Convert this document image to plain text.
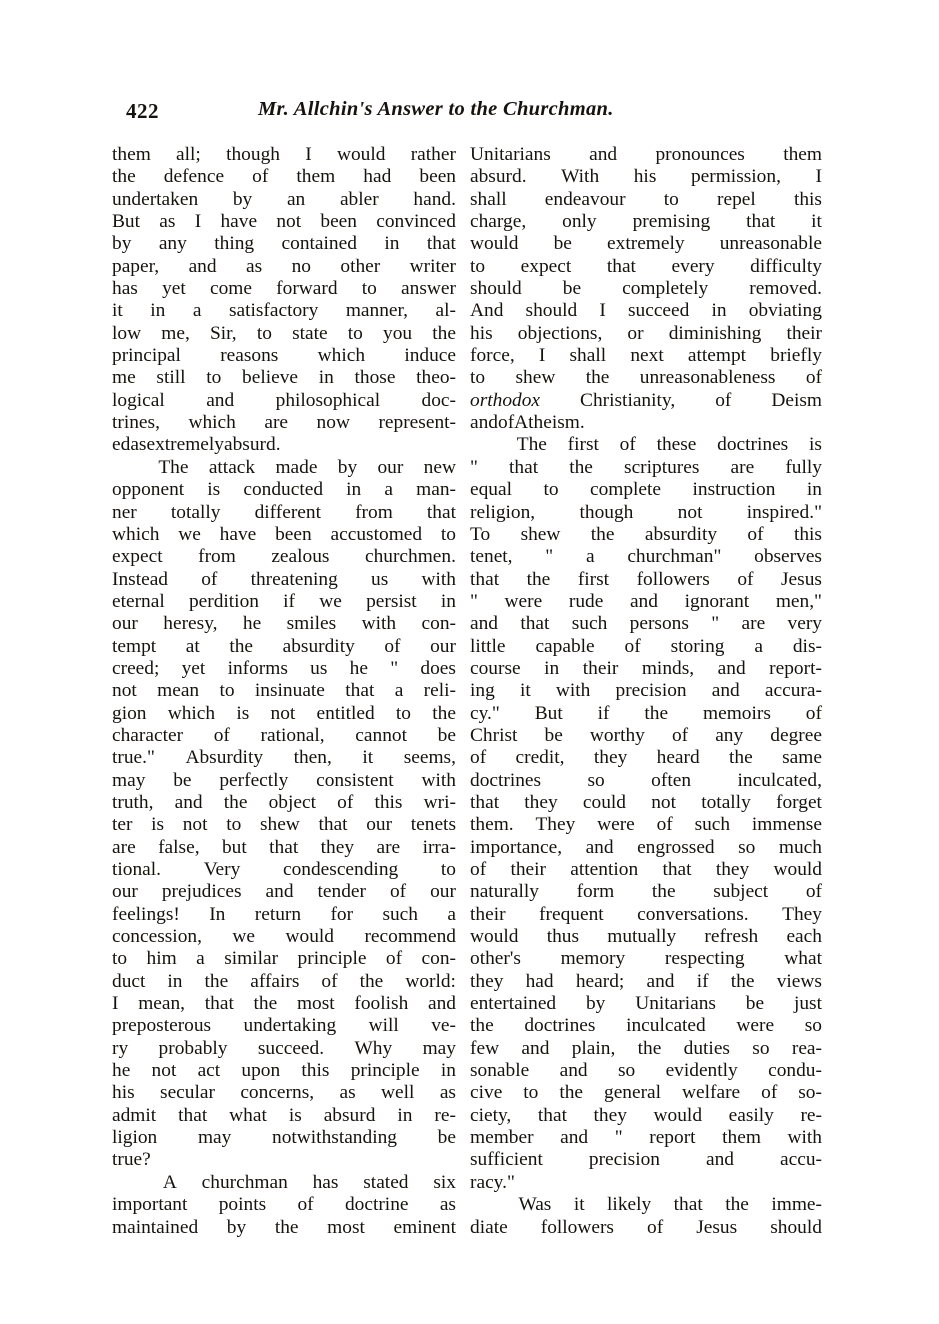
422	Mr. Allchin's Answer to the Churchman.
them all; though I would rather
the defence of them had been
undertaken by an abler hand.
But as I have not been convinced
by any thing contained in that
paper, and as no other writer
has yet come forward to answer
it in a satisfactory manner, al-
low me, Sir, to state to you the
principal reasons which induce
me still to believe in those theo-
logical and philosophical doc-
trines, which are now represent-
ed as extremely absurd.
The attack made by our new
opponent is conducted in a man-
ner totally different from that
which we have been accustomed to
expect from zealous churchmen.
Instead of threatening us with
eternal perdition if we persist in
our heresy, he smiles with con-
tempt at the absurdity of our
creed; yet informs us he " does
not mean to insinuate that a reli-
gion which is not entitled to the
character of rational, cannot be
true." Absurdity then, it seems,
may be perfectly consistent with
truth, and the object of this wri-
ter is not to shew that our tenets
are false, but that they are irra-
tional. Very condescending to
our prejudices and tender of our
feelings! In return for such a
concession, we would recommend
to him a similar principle of con-
duct in the affairs of the world:
I mean, that the most foolish and
preposterous undertaking will ve-
ry probably succeed. Why may
he not act upon this principle in
his secular concerns, as well as
admit that what is absurd in re-
ligion may notwithstanding be
true?
A churchman has stated six
important points of doctrine as
maintained by the most eminent
Unitarians and pronounces them
absurd. With his permission, I
shall endeavour to repel this
charge, only premising that it
would be extremely unreasonable
to expect that every difficulty
should be completely removed.
And should I succeed in obviating
his objections, or diminishing their
force, I shall next attempt briefly
to shew the unreasonableness of
orthodox Christianity, of Deism
and of Atheism.
The first of these doctrines is
" that the scriptures are fully
equal to complete instruction in
religion, though not inspired."
To shew the absurdity of this
tenet, " a churchman" observes
that the first followers of Jesus
" were rude and ignorant men,"
and that such persons " are very
little capable of storing a dis-
course in their minds, and report-
ing it with precision and accura-
cy." But if the memoirs of
Christ be worthy of any degree
of credit, they heard the same
doctrines so often inculcated,
that they could not totally forget
them. They were of such immense
importance, and engrossed so much
of their attention that they would
naturally form the subject of
their frequent conversations. They
would thus mutually refresh each
other's memory respecting what
they had heard; and if the views
entertained by Unitarians be just
the doctrines inculcated were so
few and plain, the duties so rea-
sonable and so evidently condu-
cive to the general welfare of so-
ciety, that they would easily re-
member and " report them with
sufficient precision and accu-
racy."
Was it likely that the imme-
diate followers of Jesus should
